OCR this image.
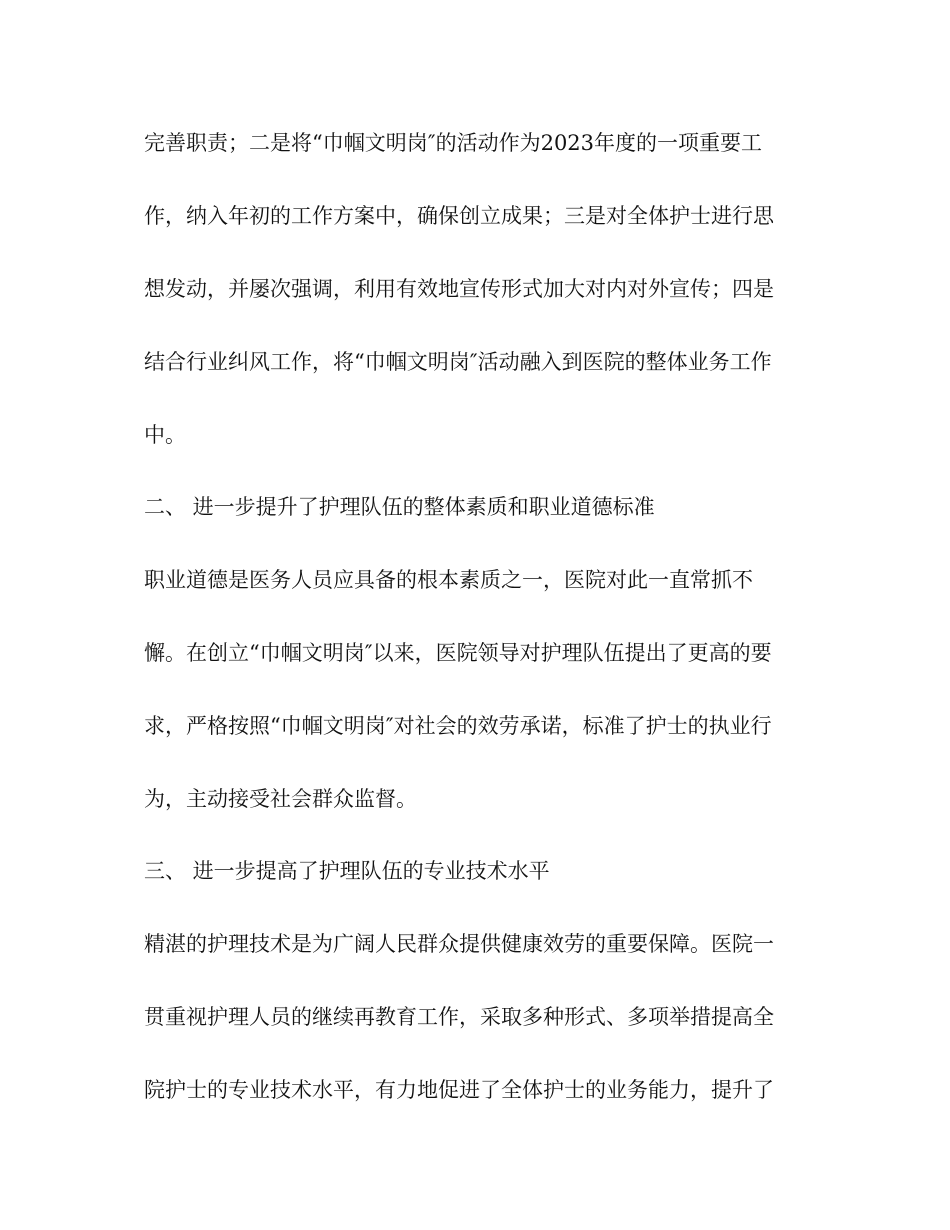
完善职责；二是将“巾帼文明岗″的活动作为2023年度的一项重要工
作，纳入年初的工作方案中，确保创立成果；三是对全体护士进行思
想发动，并屡次强调，利用有效地宣传形式加大对内对外宣传；四是
结合行业纠风工作，将“巾帼文明岗″活动融入到医院的整体业务工作
中。
二、 进一步提升了护理队伍的整体素质和职业道德标准
职业道德是医务人员应具备的根本素质之一，医院对此一直常抓不
懈。在创立“巾帼文明岗″以来，医院领导对护理队伍提出了更高的要
求，严格按照“巾帼文明岗″对社会的效劳承诺，标准了护士的执业行
为，主动接受社会群众监督。
三、 进一步提高了护理队伍的专业技术水平
精湛的护理技术是为广阔人民群众提供健康效劳的重要保障。医院一
贯重视护理人员的继续再教育工作，采取多种形式、多项举措提高全
院护士的专业技术水平，有力地促进了全体护士的业务能力，提升了
